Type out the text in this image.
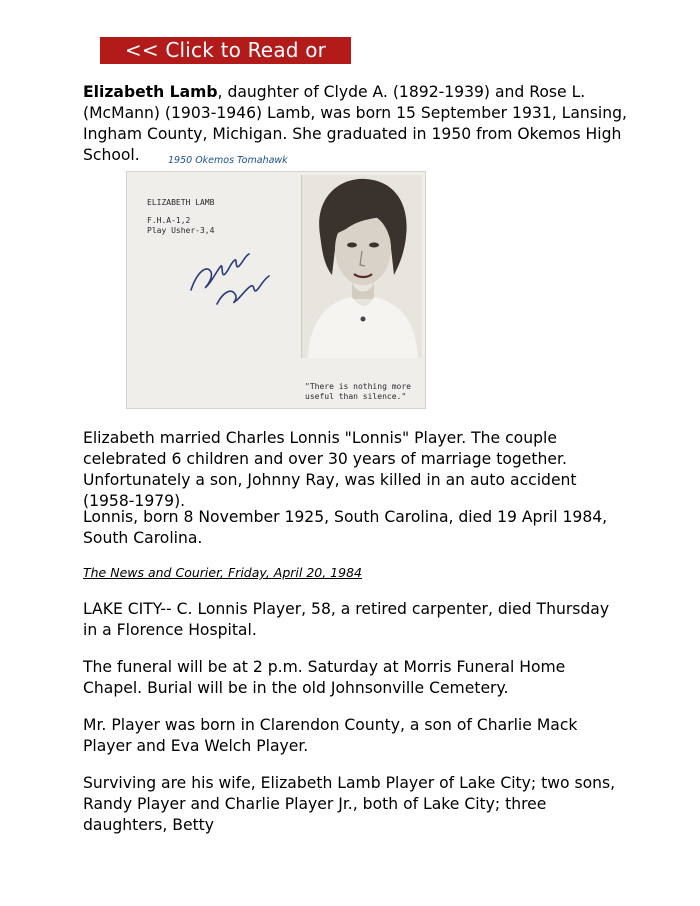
<< Click to Read or Print >>

Elizabeth Lamb, daughter of Clyde A. (1892-1939) and Rose L. (McMann) (1903-1946) Lamb, was born 15 September 1931, Lansing, Ingham County, Michigan. She graduated in 1950 from Okemos High School.	1950 Okemos Tomahawk
ELIZABETH LAMB
F.H.A-1,2
Play Usher-3,4
"There is nothing more
useful than silence."

Elizabeth married Charles Lonnis "Lonnis" Player. The couple celebrated 6 children and over 30 years of marriage together. Unfortunately a son, Johnny Ray, was killed in an auto accident (1958-1979).

Lonnis, born 8 November 1925, South Carolina, died 19 April 1984, South Carolina.

The News and Courier, Friday, April 20, 1984

LAKE CITY-- C. Lonnis Player, 58, a retired carpenter, died Thursday in a Florence Hospital.

The funeral will be at 2 p.m. Saturday at Morris Funeral Home Chapel. Burial will be in the old Johnsonville Cemetery.

Mr. Player was born in Clarendon County, a son of Charlie Mack Player and Eva Welch Player.

Surviving are his wife, Elizabeth Lamb Player of Lake City; two sons, Randy Player and Charlie Player Jr., both of Lake City; three daughters, Betty
